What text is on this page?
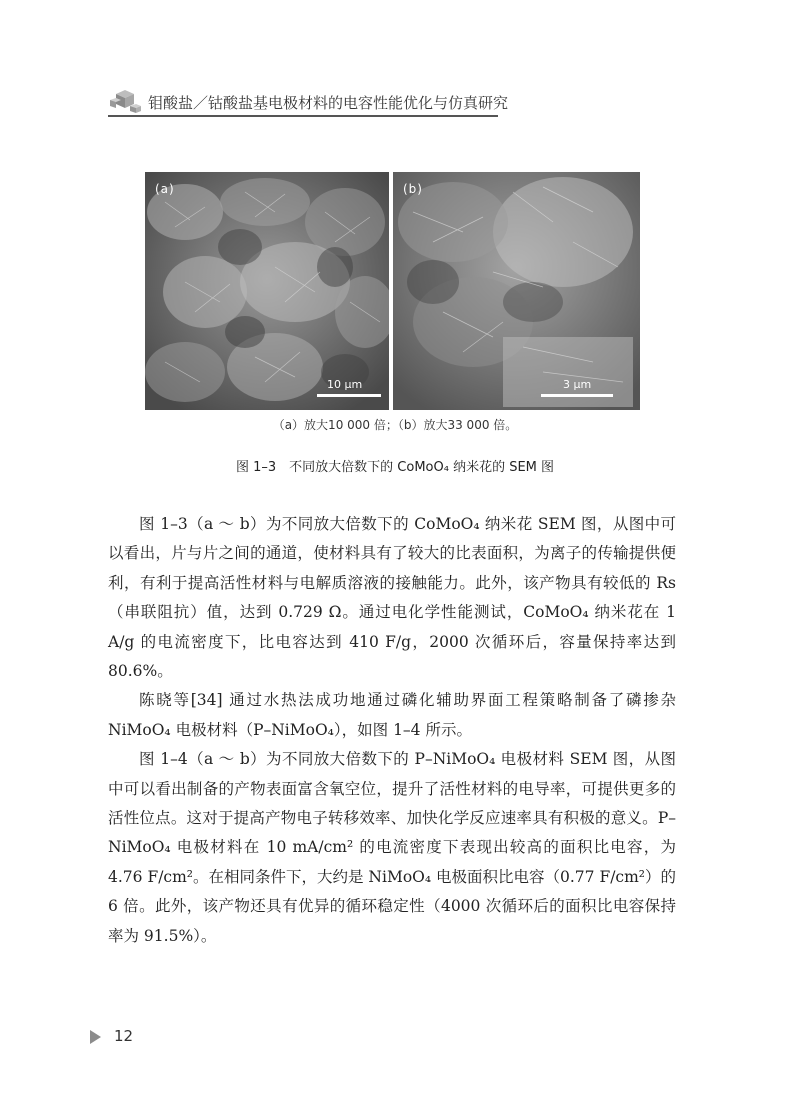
钼酸盐／钴酸盐基电极材料的电容性能优化与仿真研究
(a)
10 μm
(b)
3 μm
（a）放大10 000 倍；（b）放大33 000 倍。
图 1–3　不同放大倍数下的 CoMoO₄ 纳米花的 SEM 图

图 1–3（a ～ b）为不同放大倍数下的 CoMoO₄ 纳米花 SEM 图，从图中可以看出，片与片之间的通道，使材料具有了较大的比表面积，为离子的传输提供便利，有利于提高活性材料与电解质溶液的接触能力。此外，该产物具有较低的 Rs（串联阻抗）值，达到 0.729 Ω。通过电化学性能测试，CoMoO₄ 纳米花在 1 A/g 的电流密度下，比电容达到 410 F/g，2000 次循环后，容量保持率达到 80.6%。

陈晓等[34] 通过水热法成功地通过磷化辅助界面工程策略制备了磷掺杂 NiMoO₄ 电极材料（P–NiMoO₄），如图 1–4 所示。

图 1–4（a ～ b）为不同放大倍数下的 P–NiMoO₄ 电极材料 SEM 图，从图中可以看出制备的产物表面富含氧空位，提升了活性材料的电导率，可提供更多的活性位点。这对于提高产物电子转移效率、加快化学反应速率具有积极的意义。P–NiMoO₄ 电极材料在 10 mA/cm² 的电流密度下表现出较高的面积比电容，为 4.76 F/cm²。在相同条件下，大约是 NiMoO₄ 电极面积比电容（0.77 F/cm²）的 6 倍。此外，该产物还具有优异的循环稳定性（4000 次循环后的面积比电容保持率为 91.5%）。

12
